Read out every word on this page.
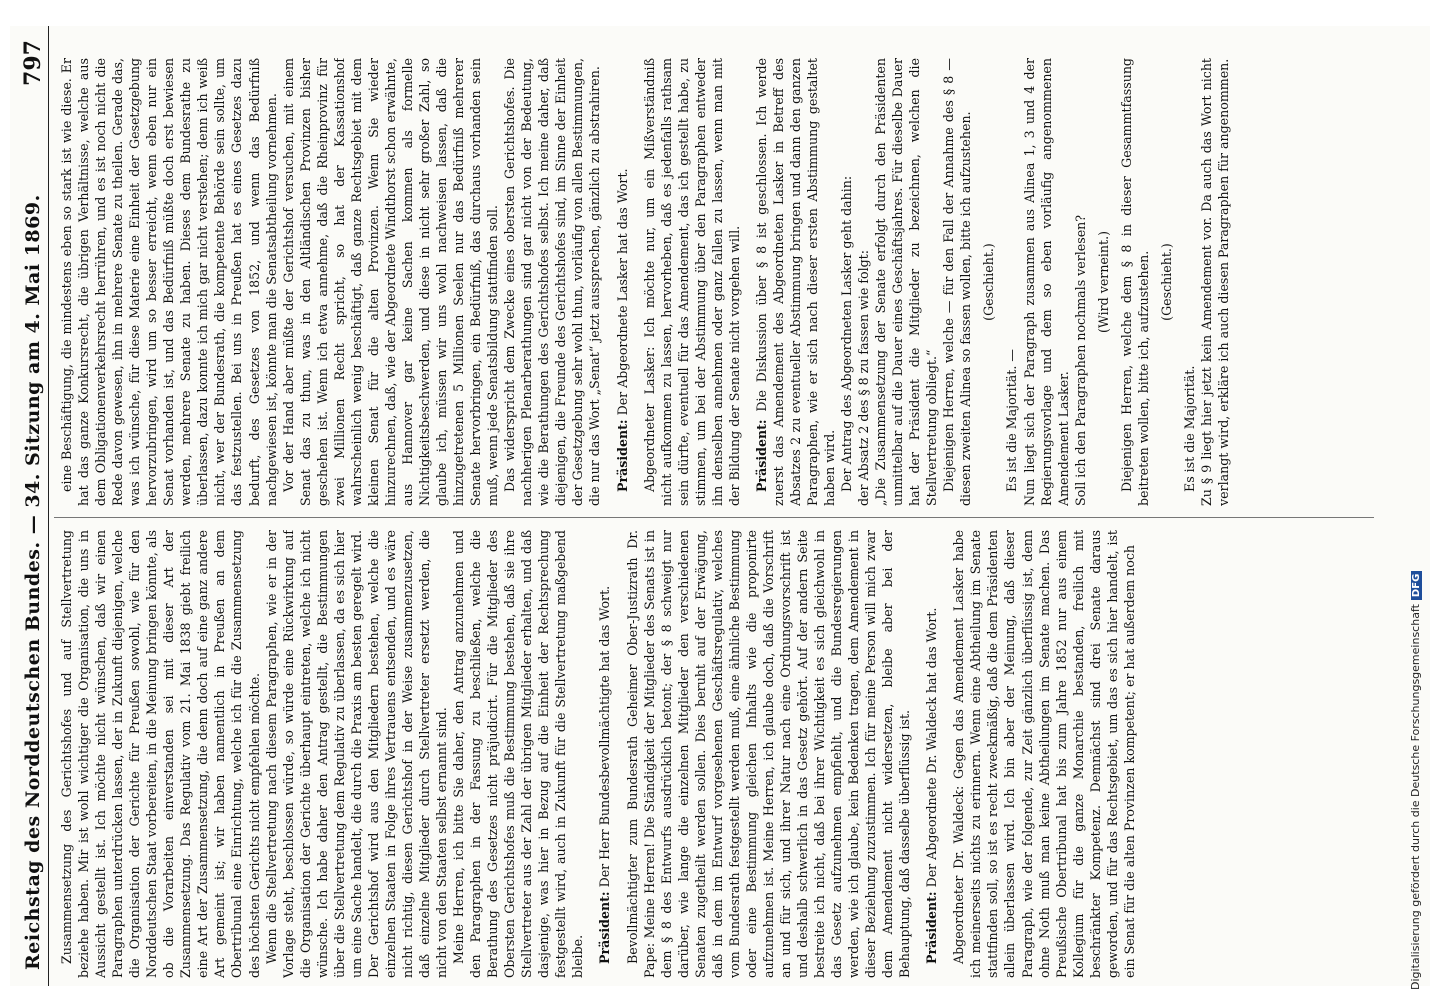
Reichstag des Norddeutschen Bundes. — 34. Sitzung am 4. Mai 1869.
797

Zusammensetzung des Gerichtshofes und auf Stellvertretung beziehe haben. Mir ist wohl wichtiger die Organisation, die uns in Aussicht gestellt ist. Ich möchte nicht wünschen, daß wir einen Paragraphen unterdrücken lassen, der in Zukunft diejenigen, welche die Organisation der Gerichte für Preußen sowohl, wie für den Norddeutschen Staat vorbereiten, in die Meinung bringen könnte, als ob die Vorarbeiten einverstanden sei mit dieser Art der Zusammensetzung. Das Regulativ vom 21. Mai 1838 giebt freilich eine Art der Zusammensetzung, die denn doch auf eine ganz andere Art gemeint ist; wir haben namentlich in Preußen an dem Obertribunal eine Einrichtung, welche ich für die Zusammensetzung des höchsten Gerichts nicht empfehlen möchte. Wenn die Stellvertretung nach diesem Paragraphen, wie er in der Vorlage steht, beschlossen würde, so würde eine Rückwirkung auf die Organisation der Gerichte überhaupt eintreten, welche ich nicht wünsche. Ich habe daher den Antrag gestellt, die Bestimmungen über die Stellvertretung dem Regulativ zu überlassen, da es sich hier um eine Sache handelt, die durch die Praxis am besten geregelt wird. Der Gerichtshof wird aus den Mitgliedern bestehen, welche die einzelnen Staaten in Folge ihres Vertrauens entsenden, und es wäre nicht richtig, diesen Gerichtshof in der Weise zusammenzusetzen, daß einzelne Mitglieder durch Stellvertreter ersetzt werden, die nicht von den Staaten selbst ernannt sind. Meine Herren, ich bitte Sie daher, den Antrag anzunehmen und den Paragraphen in der Fassung zu beschließen, welche die Berathung des Gesetzes nicht präjudicirt. Für die Mitglieder des Obersten Gerichtshofes muß die Bestimmung bestehen, daß sie ihre Stellvertreter aus der Zahl der übrigen Mitglieder erhalten, und daß dasjenige, was hier in Bezug auf die Einheit der Rechtsprechung festgestellt wird, auch in Zukunft für die Stellvertretung maßgebend bleibe. Präsident: Der Herr Bundesbevollmächtigte hat das Wort. Bevollmächtigter zum Bundesrath Geheimer Ober-Justizrath Dr. Pape: Meine Herren! Die Ständigkeit der Mitglieder des Senats ist in dem § 8 des Entwurfs ausdrücklich betont; der § 8 schweigt nur darüber, wie lange die einzelnen Mitglieder den verschiedenen Senaten zugetheilt werden sollen. Dies beruht auf der Erwägung, daß in dem im Entwurf vorgesehenen Geschäftsregulativ, welches vom Bundesrath festgestellt werden muß, eine ähnliche Bestimmung oder eine Bestimmung gleichen Inhalts wie die proponirte aufzunehmen ist. Meine Herren, ich glaube doch, daß die Vorschrift an und für sich, und ihrer Natur nach eine Ordnungsvorschrift ist und deshalb schwerlich in das Gesetz gehört. Auf der andern Seite bestreite ich nicht, daß bei ihrer Wichtigkeit es sich gleichwohl in das Gesetz aufzunehmen empfiehlt, und die Bundesregierungen werden, wie ich glaube, kein Bedenken tragen, dem Amendement in dieser Beziehung zuzustimmen. Ich für meine Person will mich zwar dem Amendement nicht widersetzen, bleibe aber bei der Behauptung, daß dasselbe überflüssig ist. Präsident: Der Abgeordnete Dr. Waldeck hat das Wort. Abgeordneter Dr. Waldeck: Gegen das Amendement Lasker habe ich meinerseits nichts zu erinnern. Wenn eine Abtheilung im Senate stattfinden soll, so ist es recht zweckmäßig, daß die dem Präsidenten allein überlassen wird. Ich bin aber der Meinung, daß dieser Paragraph, wie der folgende, zur Zeit gänzlich überflüssig ist, denn ohne Noth muß man keine Abtheilungen im Senate machen. Das Preußische Obertribunal hat bis zum Jahre 1852 nur aus einem Kollegium für die ganze Monarchie bestanden, freilich mit beschränkter Kompetenz. Demnächst sind drei Senate daraus geworden, und für das Rechtsgebiet, um das es sich hier handelt, ist ein Senat für die alten Provinzen kompetent; er hat außerdem noch

eine Beschäftigung, die mindestens eben so stark ist wie diese. Er hat das ganze Konkursrecht, die übrigen Verhältnisse, welche aus dem Obligationenverkehrsrecht herrühren, und es ist noch nicht die Rede davon gewesen, ihn in mehrere Senate zu theilen. Gerade das, was ich wünsche, für diese Materie eine Einheit der Gesetzgebung hervorzubringen, wird um so besser erreicht, wenn eben nur ein Senat vorhanden ist, und das Bedürfniß müßte doch erst bewiesen werden, mehrere Senate zu haben. Dieses dem Bundesrathe zu überlassen, dazu konnte ich mich gar nicht verstehen; denn ich weiß nicht, wer der Bundesrath, die kompetente Behörde sein sollte, um das festzustellen. Bei uns in Preußen hat es eines Gesetzes dazu bedurft, des Gesetzes von 1852, und wenn das Bedürfniß nachgewiesen ist, könnte man die Senatsabtheilung vornehmen. Vor der Hand aber müßte der Gerichtshof versuchen, mit einem Senat das zu thun, was in den Altländischen Provinzen bisher geschehen ist. Wenn ich etwa annehme, daß die Rheinprovinz für zwei Millionen Recht spricht, so hat der Kassationshof wahrscheinlich wenig beschäftigt, daß ganze Rechtsgebiet mit dem kleinen Senat für die alten Provinzen. Wenn Sie wieder hinzurechnen, daß, wie der Abgeordnete Windthorst schon erwähnte, aus Hannover gar keine Sachen kommen als formelle Nichtigkeitsbeschwerden, und diese in nicht sehr großer Zahl, so glaube ich, müssen wir uns wohl nachweisen lassen, daß die hinzugetretenen 5 Millionen Seelen nur das Bedürfniß mehrerer Senate hervorbringen, ein Bedürfniß, das durchaus vorhanden sein muß, wenn jede Senatsbildung stattfinden soll. Das widerspricht dem Zwecke eines obersten Gerichtshofes. Die nachherigen Plenarberathungen sind gar nicht von der Bedeutung, wie die Berathungen des Gerichtshofes selbst. Ich meine daher, daß diejenigen, die Freunde des Gerichtshofes sind, im Sinne der Einheit der Gesetzgebung sehr wohl thun, vorläufig von allen Bestimmungen, die nur das Wort „Senat“ jetzt aussprechen, gänzlich zu abstrahiren. Präsident: Der Abgeordnete Lasker hat das Wort. Abgeordneter Lasker: Ich möchte nur, um ein Mißverständniß nicht aufkommen zu lassen, hervorheben, daß es jedenfalls rathsam sein dürfte, eventuell für das Amendement, das ich gestellt habe, zu stimmen, um bei der Abstimmung über den Paragraphen entweder ihn denselben annehmen oder ganz fallen zu lassen, wenn man mit der Bildung der Senate nicht vorgehen will. Präsident: Die Diskussion über § 8 ist geschlossen. Ich werde zuerst das Amendement des Abgeordneten Lasker in Betreff des Absatzes 2 zu eventueller Abstimmung bringen und dann den ganzen Paragraphen, wie er sich nach dieser ersten Abstimmung gestaltet haben wird. Der Antrag des Abgeordneten Lasker geht dahin:
der Absatz 2 des § 8 zu fassen wie folgt:
„Die Zusammensetzung der Senate erfolgt durch den Präsidenten unmittelbar auf die Dauer eines Geschäftsjahres. Für dieselbe Dauer hat der Präsident die Mitglieder zu bezeichnen, welchen die Stellvertretung obliegt.“ Diejenigen Herren, welche — für den Fall der Annahme des § 8 — diesen zweiten Alinea so fassen wollen, bitte ich aufzustehen. (Geschieht.)

Es ist die Majorität. —
Nun liegt sich der Paragraph zusammen aus Alinea 1, 3 und 4 der Regierungsvorlage und dem so eben vorläufig angenommenen Amendement Lasker.
Soll ich den Paragraphen nochmals verlesen? (Wird verneint.) Diejenigen Herren, welche dem § 8 in dieser Gesammtfassung beitreten wollen, bitte ich, aufzustehen. (Geschieht.)

Es ist die Majorität.
Zu § 9 liegt hier jetzt kein Amendement vor. Da auch das Wort nicht verlangt wird, erkläre ich auch diesen Paragraphen für angenommen.

Digitalisierung gefördert durch die Deutsche ForschungsgemeinschaftDFG
